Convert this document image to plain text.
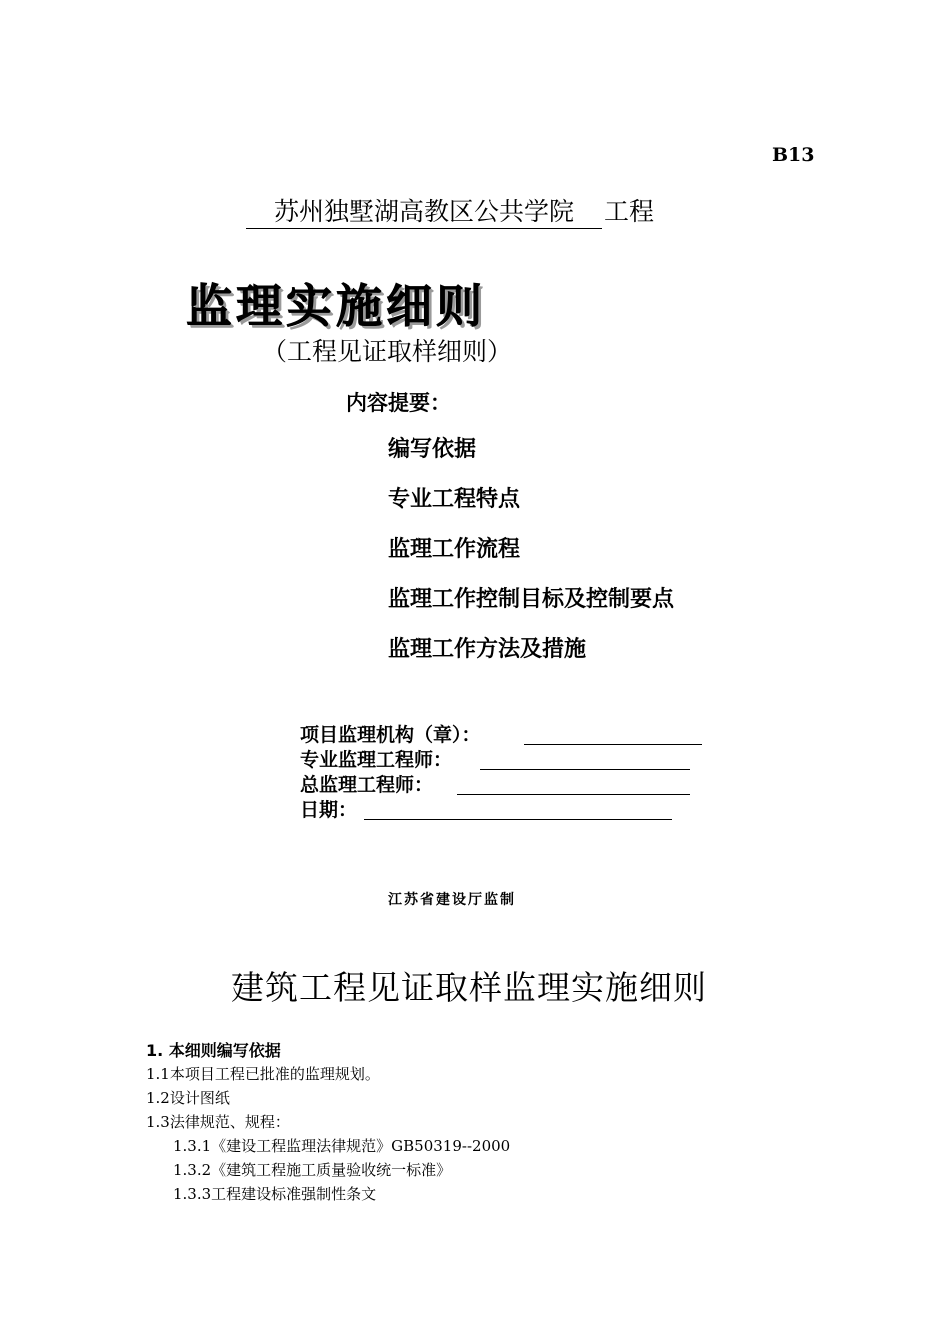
B13
苏州独墅湖高教区公共学院 工程
监理实施细则
（工程见证取样细则）
内容提要：
编写依据
专业工程特点
监理工作流程
监理工作控制目标及控制要点
监理工作方法及措施
项目监理机构（章）：
专业监理工程师：
总监理工程师：
日期：
江苏省建设厅监制
建筑工程见证取样监理实施细则
1. 本细则编写依据
1.1本项目工程已批准的监理规划。
1.2设计图纸
1.3法律规范、规程：
1.3.1《建设工程监理法律规范》GB50319--2000
1.3.2《建筑工程施工质量验收统一标准》
1.3.3工程建设标准强制性条文
